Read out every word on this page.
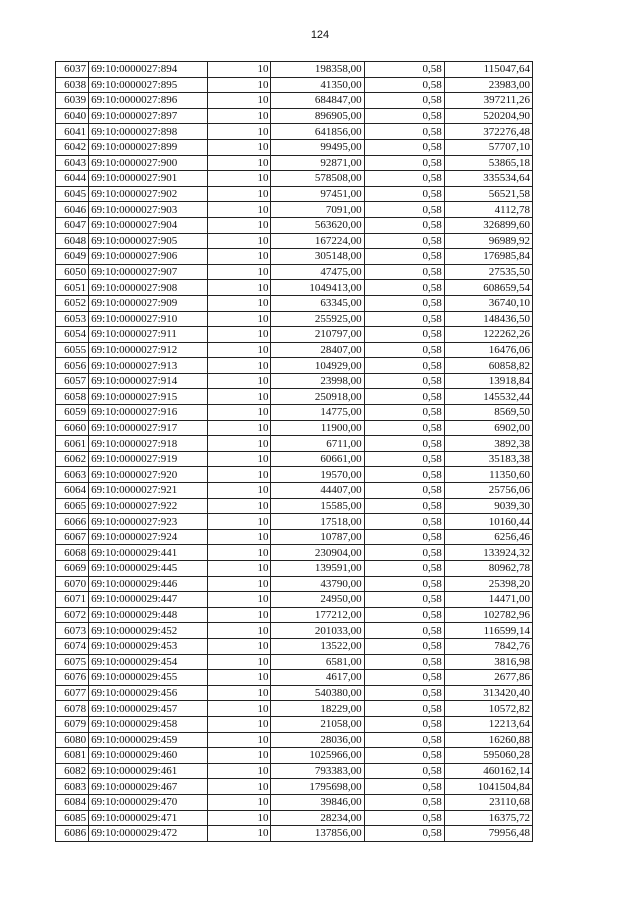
124
6037	69:10:0000027:894	10	198358,00	0,58	115047,64
6038	69:10:0000027:895	10	41350,00	0,58	23983,00
6039	69:10:0000027:896	10	684847,00	0,58	397211,26
6040	69:10:0000027:897	10	896905,00	0,58	520204,90
6041	69:10:0000027:898	10	641856,00	0,58	372276,48
6042	69:10:0000027:899	10	99495,00	0,58	57707,10
6043	69:10:0000027:900	10	92871,00	0,58	53865,18
6044	69:10:0000027:901	10	578508,00	0,58	335534,64
6045	69:10:0000027:902	10	97451,00	0,58	56521,58
6046	69:10:0000027:903	10	7091,00	0,58	4112,78
6047	69:10:0000027:904	10	563620,00	0,58	326899,60
6048	69:10:0000027:905	10	167224,00	0,58	96989,92
6049	69:10:0000027:906	10	305148,00	0,58	176985,84
6050	69:10:0000027:907	10	47475,00	0,58	27535,50
6051	69:10:0000027:908	10	1049413,00	0,58	608659,54
6052	69:10:0000027:909	10	63345,00	0,58	36740,10
6053	69:10:0000027:910	10	255925,00	0,58	148436,50
6054	69:10:0000027:911	10	210797,00	0,58	122262,26
6055	69:10:0000027:912	10	28407,00	0,58	16476,06
6056	69:10:0000027:913	10	104929,00	0,58	60858,82
6057	69:10:0000027:914	10	23998,00	0,58	13918,84
6058	69:10:0000027:915	10	250918,00	0,58	145532,44
6059	69:10:0000027:916	10	14775,00	0,58	8569,50
6060	69:10:0000027:917	10	11900,00	0,58	6902,00
6061	69:10:0000027:918	10	6711,00	0,58	3892,38
6062	69:10:0000027:919	10	60661,00	0,58	35183,38
6063	69:10:0000027:920	10	19570,00	0,58	11350,60
6064	69:10:0000027:921	10	44407,00	0,58	25756,06
6065	69:10:0000027:922	10	15585,00	0,58	9039,30
6066	69:10:0000027:923	10	17518,00	0,58	10160,44
6067	69:10:0000027:924	10	10787,00	0,58	6256,46
6068	69:10:0000029:441	10	230904,00	0,58	133924,32
6069	69:10:0000029:445	10	139591,00	0,58	80962,78
6070	69:10:0000029:446	10	43790,00	0,58	25398,20
6071	69:10:0000029:447	10	24950,00	0,58	14471,00
6072	69:10:0000029:448	10	177212,00	0,58	102782,96
6073	69:10:0000029:452	10	201033,00	0,58	116599,14
6074	69:10:0000029:453	10	13522,00	0,58	7842,76
6075	69:10:0000029:454	10	6581,00	0,58	3816,98
6076	69:10:0000029:455	10	4617,00	0,58	2677,86
6077	69:10:0000029:456	10	540380,00	0,58	313420,40
6078	69:10:0000029:457	10	18229,00	0,58	10572,82
6079	69:10:0000029:458	10	21058,00	0,58	12213,64
6080	69:10:0000029:459	10	28036,00	0,58	16260,88
6081	69:10:0000029:460	10	1025966,00	0,58	595060,28
6082	69:10:0000029:461	10	793383,00	0,58	460162,14
6083	69:10:0000029:467	10	1795698,00	0,58	1041504,84
6084	69:10:0000029:470	10	39846,00	0,58	23110,68
6085	69:10:0000029:471	10	28234,00	0,58	16375,72
6086	69:10:0000029:472	10	137856,00	0,58	79956,48
